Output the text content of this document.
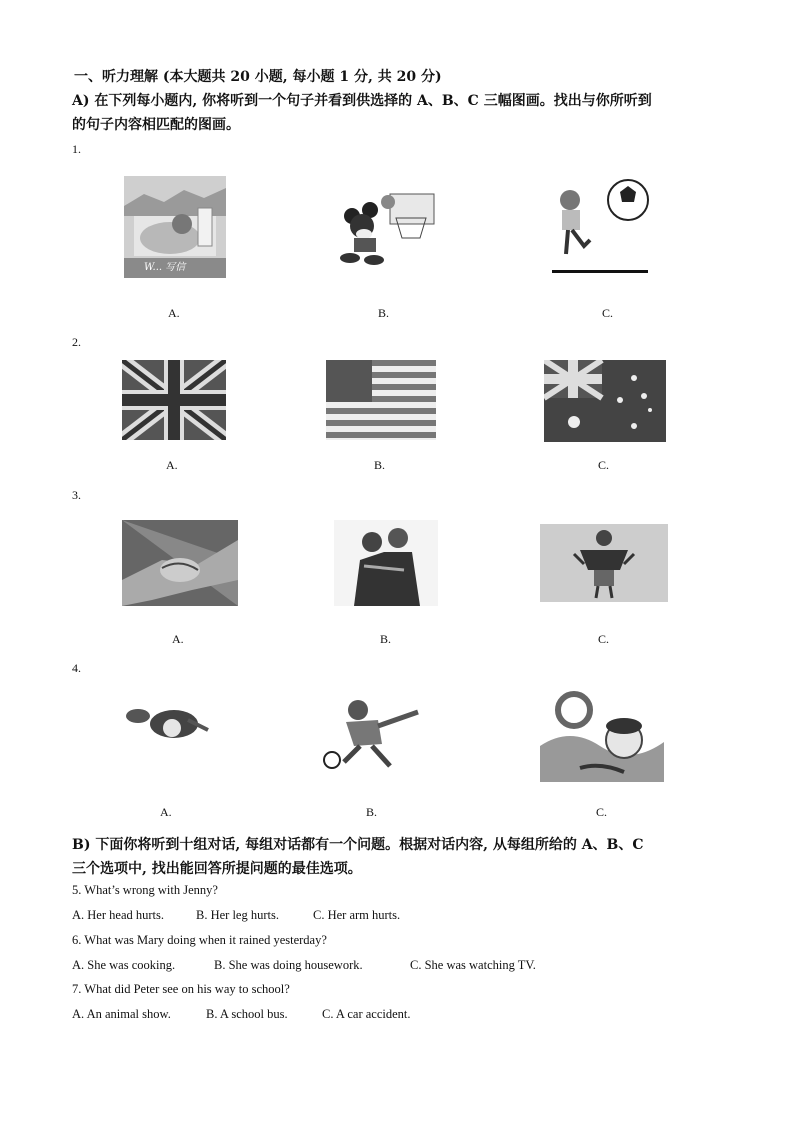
一、听力理解 (本大题共 20 小题, 每小题 1 分, 共 20 分)
A) 在下列每小题内, 你将听到一个句子并看到供选择的 A、B、C 三幅图画。找出与你所听到
的句子内容相匹配的图画。
1.
W... 写信
A.	B.	C.
2.
A.	B.	C.
3.
A.	B.	C.
4.
A.	B.	C.
B) 下面你将听到十组对话, 每组对话都有一个问题。根据对话内容, 从每组所给的 A、B、C
三个选项中, 找出能回答所提问题的最佳选项。
5. What’s wrong with Jenny?
A. Her head hurts.	B. Her leg hurts.	C. Her arm hurts.
6. What was Mary doing when it rained yesterday?
A. She was cooking.	B. She was doing housework.	C. She was watching TV.
7. What did Peter see on his way to school?
A. An animal show.	B. A school bus.	C. A car accident.
